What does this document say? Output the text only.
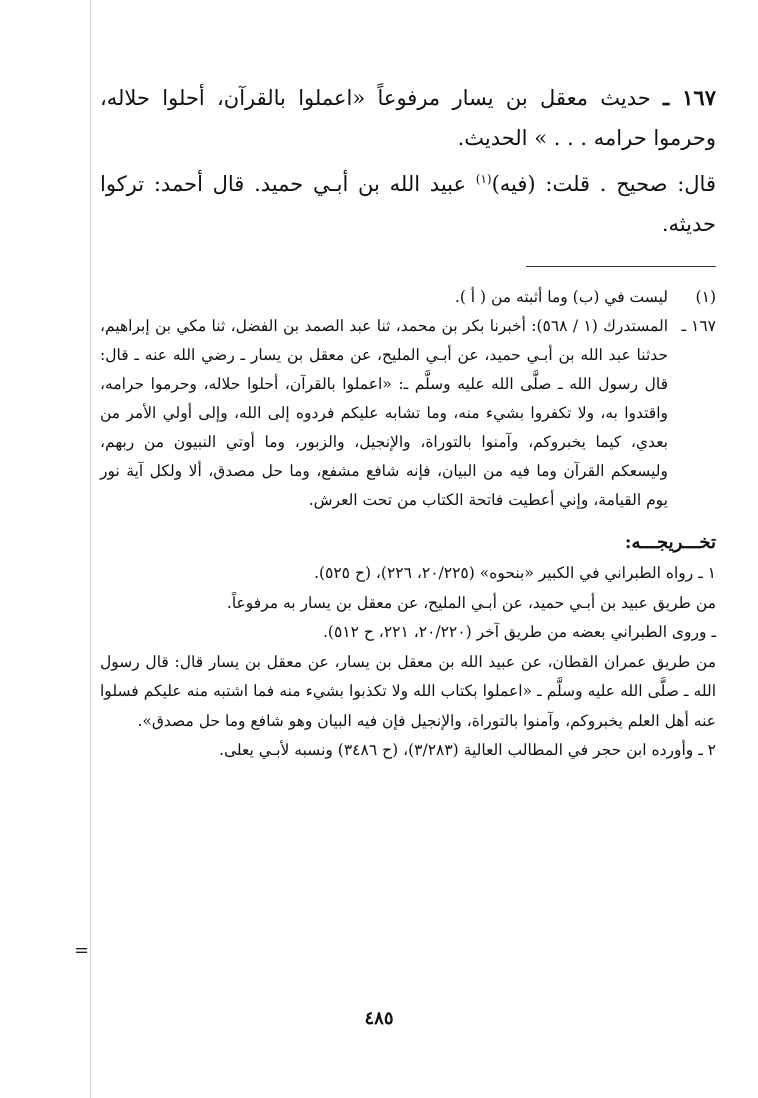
=

١٦٧ ـ حديث معقل بن يسار مرفوعاً «اعملوا بالقرآن، أحلوا حلاله، وحرموا حرامه . . . » الحديث.

قال: صحيح . قلت: (فيه)$^{(١)}$ عبيد الله بن أبـي حميد. قال أحمد: تركوا حديثه.

(١)
ليست في (ب) وما أثبته من ( أ ).

١٦٧ ـ
المستدرك (١ / ٥٦٨): أخبرنا بكر بن محمد، ثنا عبد الصمد بن الفضل، ثنا مكي بن إبراهيم، حدثنا عبد الله بن أبـي حميد، عن أبـي المليح، عن معقل بن يسار ـ رضي الله عنه ـ قال: قال رسول الله ـ صلَّى الله عليه وسلَّم ـ: «اعملوا بالقرآن، أحلوا حلاله، وحرموا حرامه، واقتدوا به، ولا تكفروا بشيء منه، وما تشابه عليكم فردوه إلى الله، وإلى أولي الأمر من بعدي، كيما يخبروكم، وآمنوا بالتوراة، والإنجيل، والزبور، وما أوتي النبيون من ربهم، وليسعكم القرآن وما فيه من البيان، فإنه شافع مشفع، وما حل مصدق، ألا ولكل آية نور يوم القيامة، وإني أعطيت فاتحة الكتاب من تحت العرش.

تخـــريجـــه:

١ ـ رواه الطبراني في الكبير «بنحوه» (٢٠/٢٢٥، ٢٢٦)، (ح ٥٢٥).

من طريق عبيد بن أبـي حميد، عن أبـي المليح، عن معقل بن يسار به مرفوعاً.

ـ وروى الطبراني بعضه من طريق آخر (٢٠/٢٢٠، ٢٢١، ح ٥١٢).

من طريق عمران القطان، عن عبيد الله بن معقل بن يسار، عن معقل بن يسار قال: قال رسول الله ـ صلَّى الله عليه وسلَّم ـ «اعملوا بكتاب الله ولا تكذبوا بشيء منه فما اشتبه منه عليكم فسلوا عنه أهل العلم يخبروكم، وآمنوا بالتوراة، والإنجيل فإن فيه البيان وهو شافع وما حل مصدق».

٢ ـ وأورده ابن حجر في المطالب العالية (٣/٢٨٣)، (ح ٣٤٨٦) ونسبه لأبـي يعلى.

٤٨٥
